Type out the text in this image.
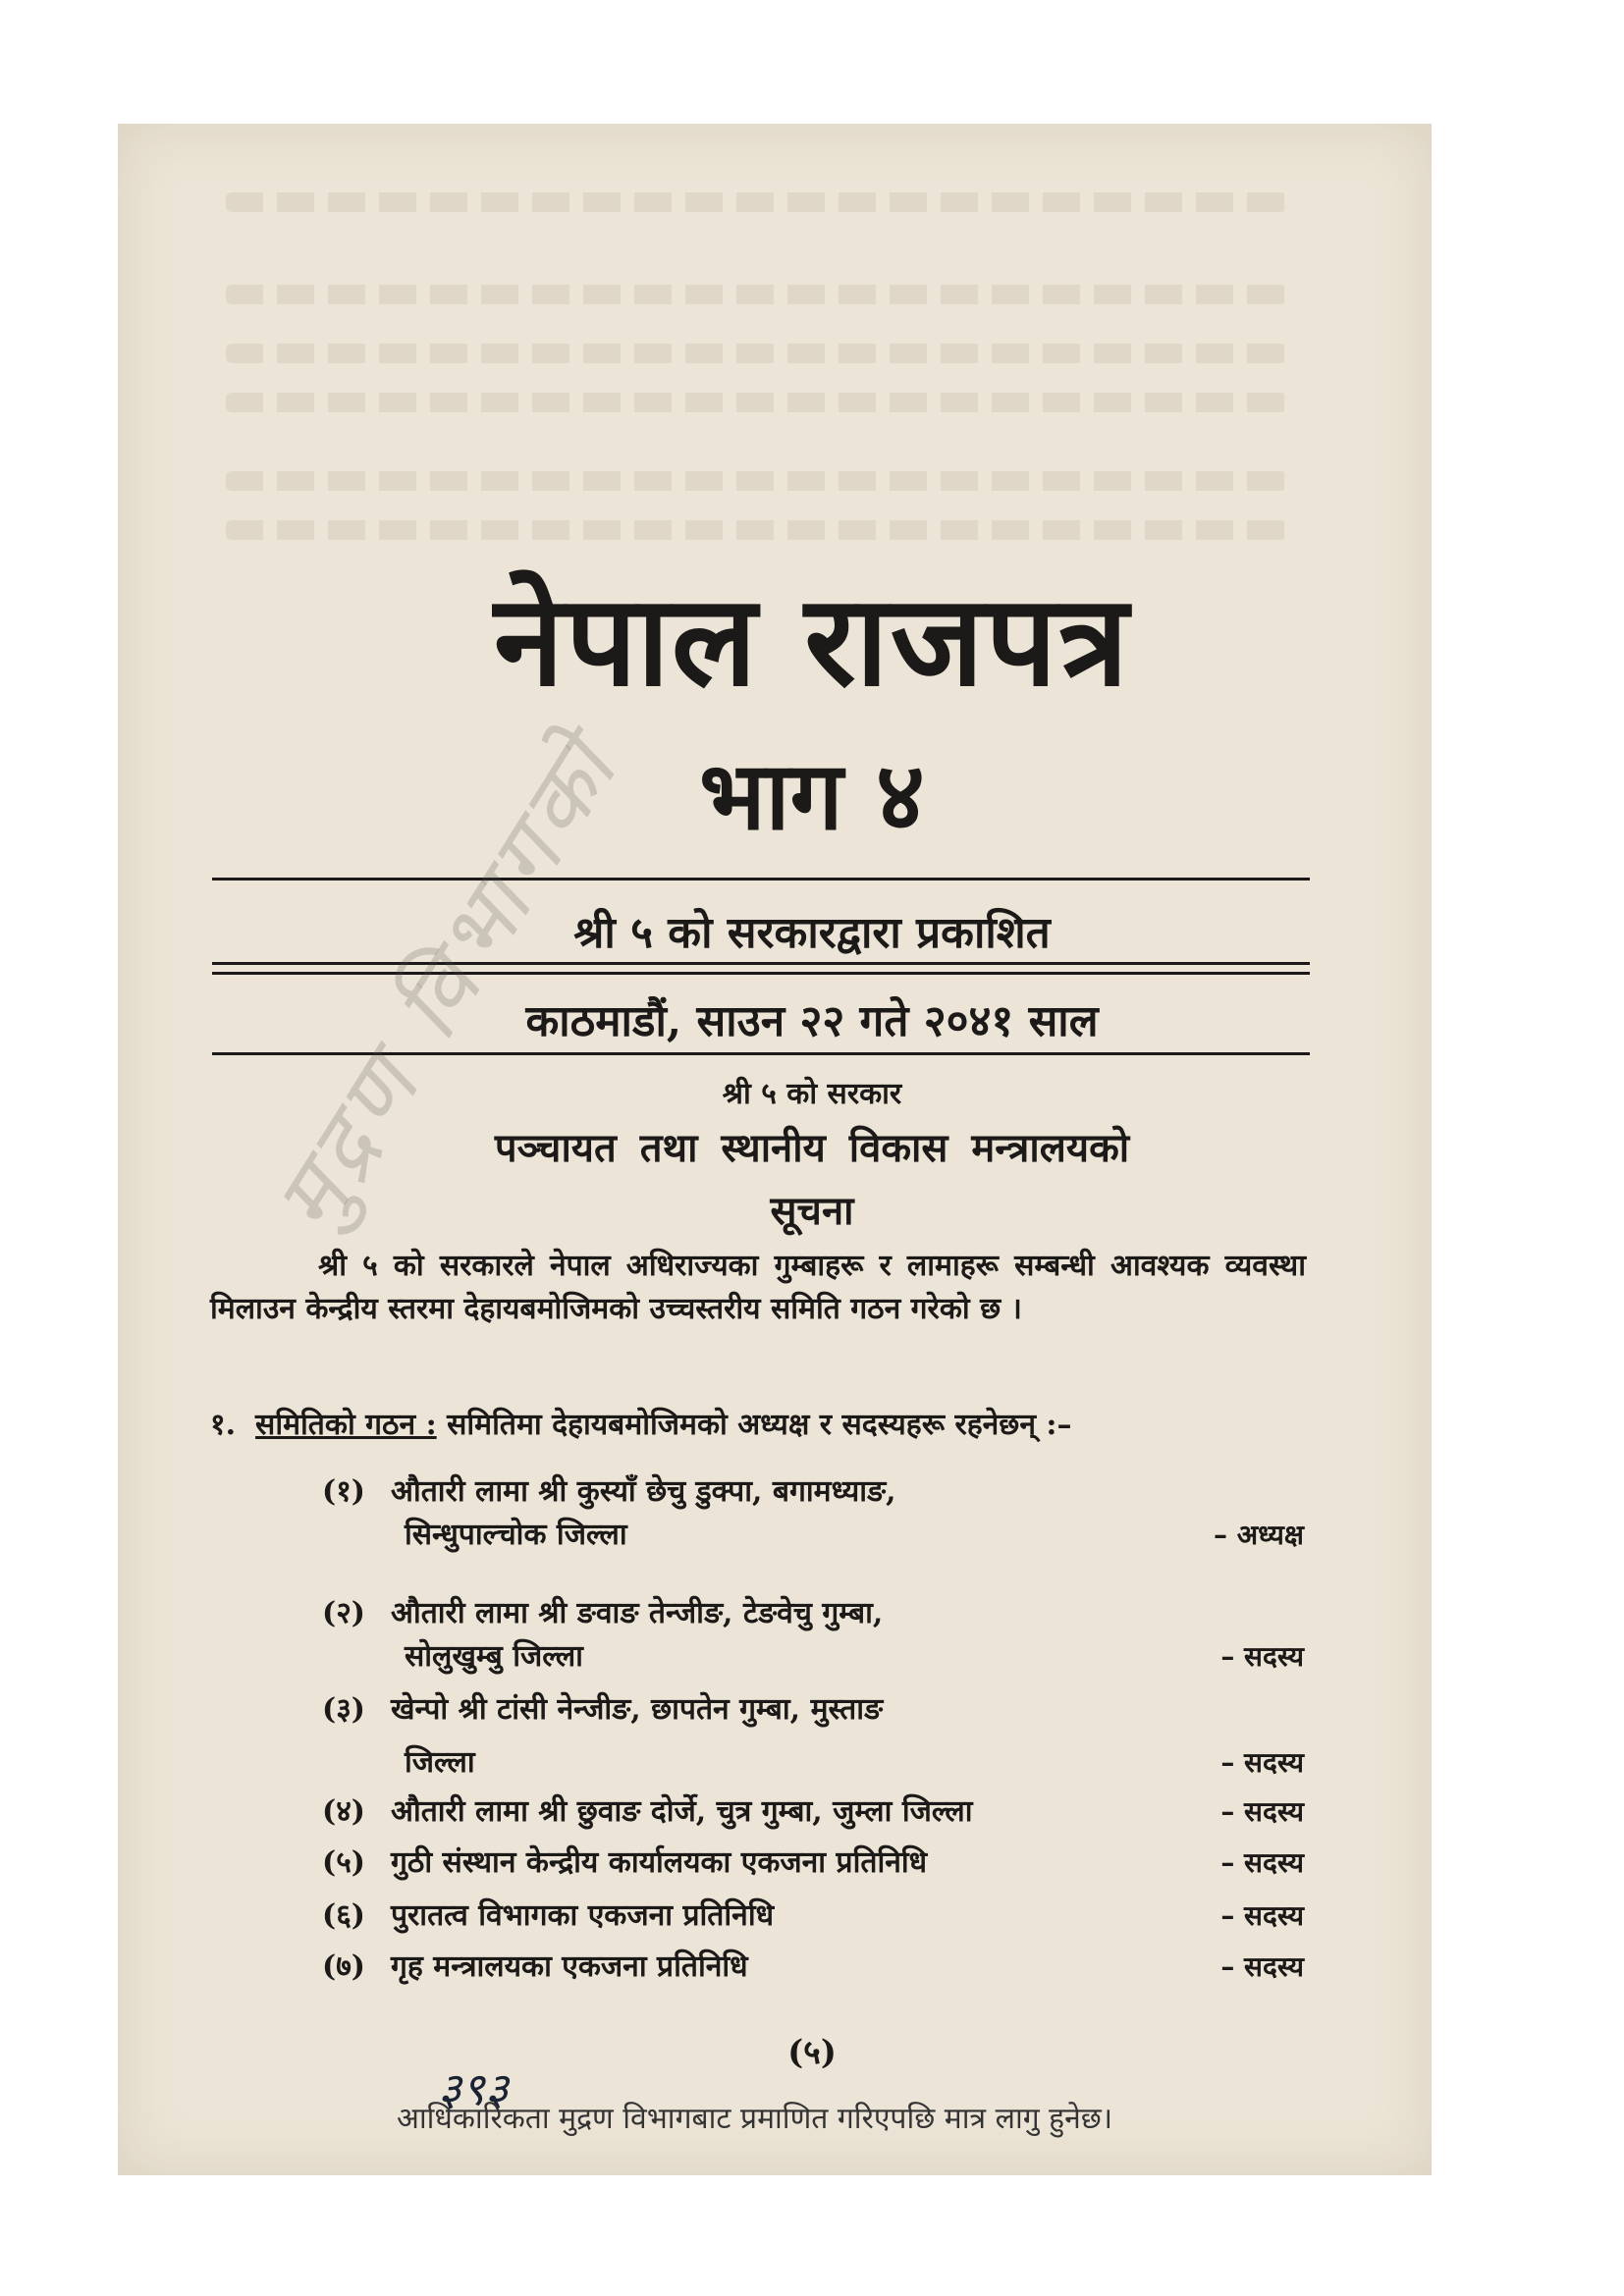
नेपाल राजपत्र
भाग ४
श्री ५ को सरकारद्वारा प्रकाशित
काठमाडौं, साउन २२ गते २०४१ साल
श्री ५ को सरकार
पञ्चायत तथा स्थानीय विकास मन्त्रालयको
सूचना
श्री ५ को सरकारले नेपाल अधिराज्यका गुम्बाहरू र लामाहरू सम्बन्धी आवश्यक व्यवस्था मिलाउन केन्द्रीय स्तरमा देहायबमोजिमको उच्चस्तरीय समिति गठन गरेको छ ।
१. समितिको गठन : समितिमा देहायबमोजिमको अध्यक्ष र सदस्यहरू रहनेछन् :–
(१) औतारी लामा श्री कुस्याँ छेचु डुक्पा, बगामध्याङ,
सिन्धुपाल्चोक जिल्ला	– अध्यक्ष
(२) औतारी लामा श्री ङवाङ तेन्जीङ, टेङवेचु गुम्बा,
सोलुखुम्बु जिल्ला	– सदस्य
(३) खेन्पो श्री टांसी नेन्जीङ, छापतेन गुम्बा, मुस्ताङ
जिल्ला	– सदस्य
(४) औतारी लामा श्री छुवाङ दोर्जे, चुत्र गुम्बा, जुम्ला जिल्ला	– सदस्य
(५) गुठी संस्थान केन्द्रीय कार्यालयका एकजना प्रतिनिधि	– सदस्य
(६) पुरातत्व विभागका एकजना प्रतिनिधि	– सदस्य
(७) गृह मन्त्रालयका एकजना प्रतिनिधि	– सदस्य
(५)
३९३
आधिकारिकता मुद्रण विभागबाट प्रमाणित गरिएपछि मात्र लागु हुनेछ।
मुद्रण विभागको
